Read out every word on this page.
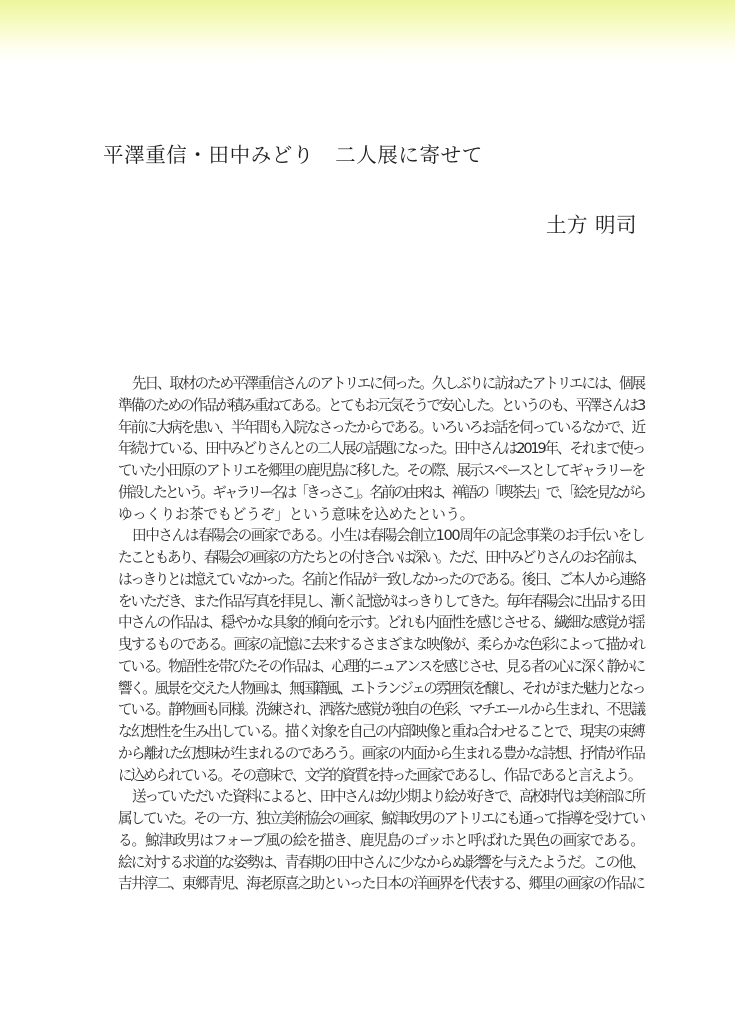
平澤重信・田中みどり　二人展に寄せて
土方 明司
先日、取材のため平澤重信さんのアトリエに伺った。久しぶりに訪ねたアトリエには、個展
準備のための作品が積み重ねてある。とてもお元気そうで安心した。というのも、平澤さんは3
年前に大病を患い、半年間も入院なさったからである。いろいろお話を伺っているなかで、近
年続けている、田中みどりさんとの二人展の話題になった。田中さんは2019年、それまで使っ
ていた小田原のアトリエを郷里の鹿児島に移した。その際、展示スペースとしてギャラリーを
併設したという。ギャラリー名は「きっさこ」。名前の由来は、禅語の「喫茶去」で、「絵を見ながら
ゆっくりお茶でもどうぞ」という意味を込めたという。
田中さんは春陽会の画家である。小生は春陽会創立100周年の記念事業のお手伝いをし
たこともあり、春陽会の画家の方たちとの付き合いは深い。ただ、田中みどりさんのお名前は、
はっきりとは憶えていなかった。名前と作品が一致しなかったのである。後日、ご本人から連絡
をいただき、また作品写真を拝見し、漸く記憶がはっきりしてきた。毎年春陽会に出品する田
中さんの作品は、穏やかな具象的傾向を示す。どれも内面性を感じさせる、繊細な感覚が揺
曳するものである。画家の記憶に去来するさまざまな映像が、柔らかな色彩によって描かれ
ている。物語性を帯びたその作品は、心理的ニュアンスを感じさせ、見る者の心に深く静かに
響く。風景を交えた人物画は、無国籍風、エトランジェの雰囲気を醸し、それがまた魅力となっ
ている。静物画も同様。洗練され、洒落た感覚が独自の色彩、マチエールから生まれ、不思議
な幻想性を生み出している。描く対象を自己の内部映像と重ね合わせることで、現実の束縛
から離れた幻想味が生まれるのであろう。画家の内面から生まれる豊かな詩想、抒情が作品
に込められている。その意味で、文学的資質を持った画家であるし、作品であると言えよう。
送っていただいた資料によると、田中さんは幼少期より絵が好きで、高校時代は美術部に所
属していた。その一方、独立美術協会の画家、鯨津政男のアトリエにも通って指導を受けてい
る。鯨津政男はフォーブ風の絵を描き、鹿児島のゴッホと呼ばれた異色の画家である。
絵に対する求道的な姿勢は、青春期の田中さんに少なからぬ影響を与えたようだ。この他、
吉井淳二、東郷青児、海老原喜之助といった日本の洋画界を代表する、郷里の画家の作品に
